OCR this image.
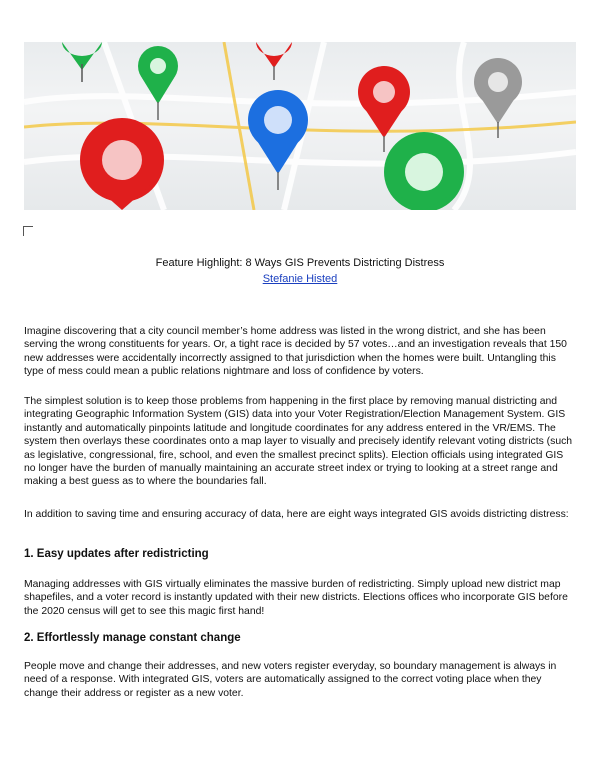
Feature Highlight: 8 Ways GIS Prevents Districting Distress
Stefanie Histed

Imagine discovering that a city council member’s home address was listed in the wrong district, and she has been serving the wrong constituents for years. Or, a tight race is decided by 57 votes…and an investigation reveals that 150 new addresses were accidentally incorrectly assigned to that jurisdiction when the homes were built. Untangling this type of mess could mean a public relations nightmare and loss of confidence by voters.

The simplest solution is to keep those problems from happening in the first place by removing manual districting and integrating Geographic Information System (GIS) data into your Voter Registration/Election Management System. GIS instantly and automatically pinpoints latitude and longitude coordinates for any address entered in the VR/EMS. The system then overlays these coordinates onto a map layer to visually and precisely identify relevant voting districts (such as legislative, congressional, fire, school, and even the smallest precinct splits). Election officials using integrated GIS no longer have the burden of manually maintaining an accurate street index or trying to looking at a street range and making a best guess as to where the boundaries fall.

In addition to saving time and ensuring accuracy of data, here are eight ways integrated GIS avoids districting distress:

1. Easy updates after redistricting

Managing addresses with GIS virtually eliminates the massive burden of redistricting. Simply upload new district map shapefiles, and a voter record is instantly updated with their new districts. Elections offices who incorporate GIS before the 2020 census will get to see this magic first hand!

2. Effortlessly manage constant change

People move and change their addresses, and new voters register everyday, so boundary management is always in need of a response. With integrated GIS, voters are automatically assigned to the correct voting place when they change their address or register as a new voter.
